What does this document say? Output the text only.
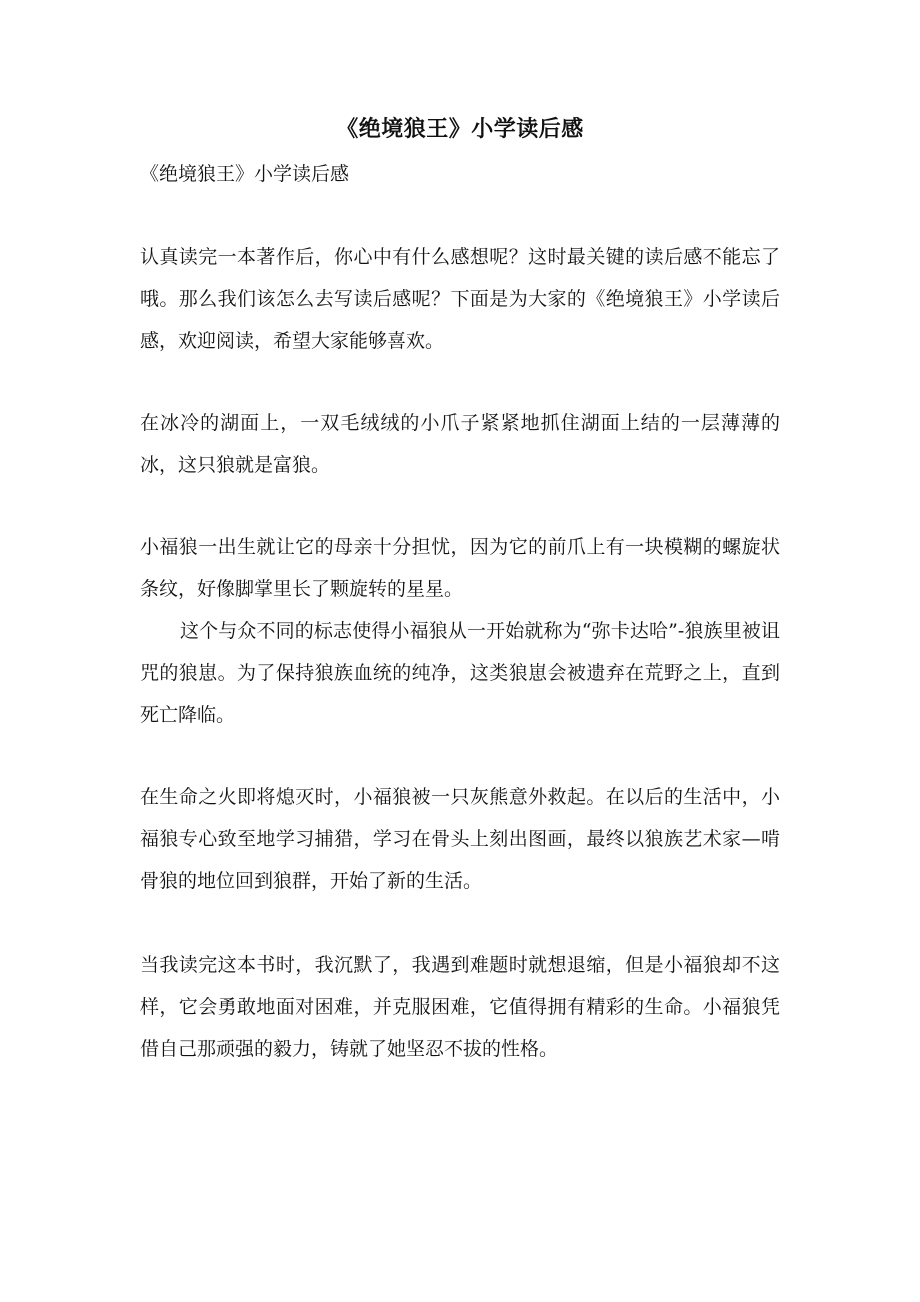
《绝境狼王》小学读后感
《绝境狼王》小学读后感

认真读完一本著作后，你心中有什么感想呢？这时最关键的读后感不能忘了哦。那么我们该怎么去写读后感呢？下面是为大家的《绝境狼王》小学读后感，欢迎阅读，希望大家能够喜欢。

在冰冷的湖面上，一双毛绒绒的小爪子紧紧地抓住湖面上结的一层薄薄的冰，这只狼就是富狼。

小福狼一出生就让它的母亲十分担忧，因为它的前爪上有一块模糊的螺旋状条纹，好像脚掌里长了颗旋转的星星。

这个与众不同的标志使得小福狼从一开始就称为“弥卡达哈”-狼族里被诅咒的狼崽。为了保持狼族血统的纯净，这类狼崽会被遗弃在荒野之上，直到死亡降临。

在生命之火即将熄灭时，小福狼被一只灰熊意外救起。在以后的生活中，小福狼专心致至地学习捕猎，学习在骨头上刻出图画，最终以狼族艺术家—啃骨狼的地位回到狼群，开始了新的生活。

当我读完这本书时，我沉默了，我遇到难题时就想退缩，但是小福狼却不这样，它会勇敢地面对困难，并克服困难，它值得拥有精彩的生命。小福狼凭借自己那顽强的毅力，铸就了她坚忍不拔的性格。
